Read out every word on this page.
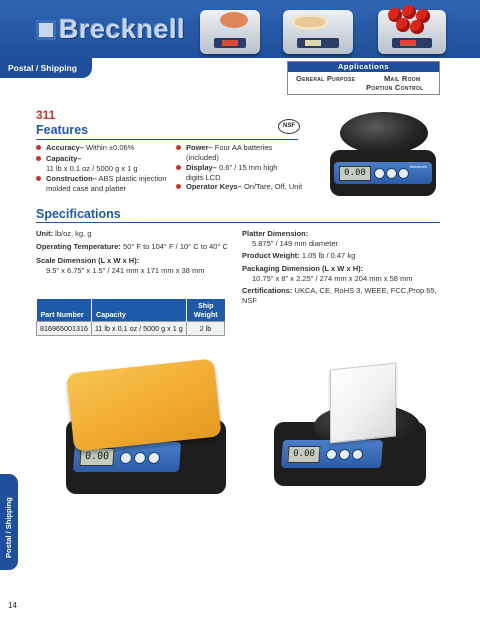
Brecknell
Postal / Shipping	Applications
General Purpose	Mail Room
Portion Control
311
Features	NSF
Accuracy– Within ±0.06%
Capacity–
11 lb x 0.1 oz / 5000 g x 1 g
Construction– ABS plastic injection molded case and platter
Power– Four AA batteries (included)
Display– 0.6" / 15 mm high digits LCD
Operator Keys– On/Tare, Off, Unit
0.00
Brecknell
Specifications
Unit: lb/oz, kg, g
Operating Temperature: 50° F to 104° F / 10° C to 40° C
Scale Dimension (L x W x H):
9.5" x 6.75" x 1.5" / 241 mm x 171 mm x 38 mm
Platter Dimension:
5.875" / 149 mm diameter
Product Weight: 1.05 lb / 0.47 kg
Packaging Dimension (L x W x H):
10.75" x 8" x 2.25" / 274 mm x 204 mm x 58 mm
Certifications: UKCA, CE, RoHS 3, WEEE, FCC,Prop 65, NSF
Part Number	Capacity	Ship Weight
816965001316	11 lb x 0.1 oz / 5000 g x 1 g	2 lb
0.00	0.00
Postal / Shipping
14
